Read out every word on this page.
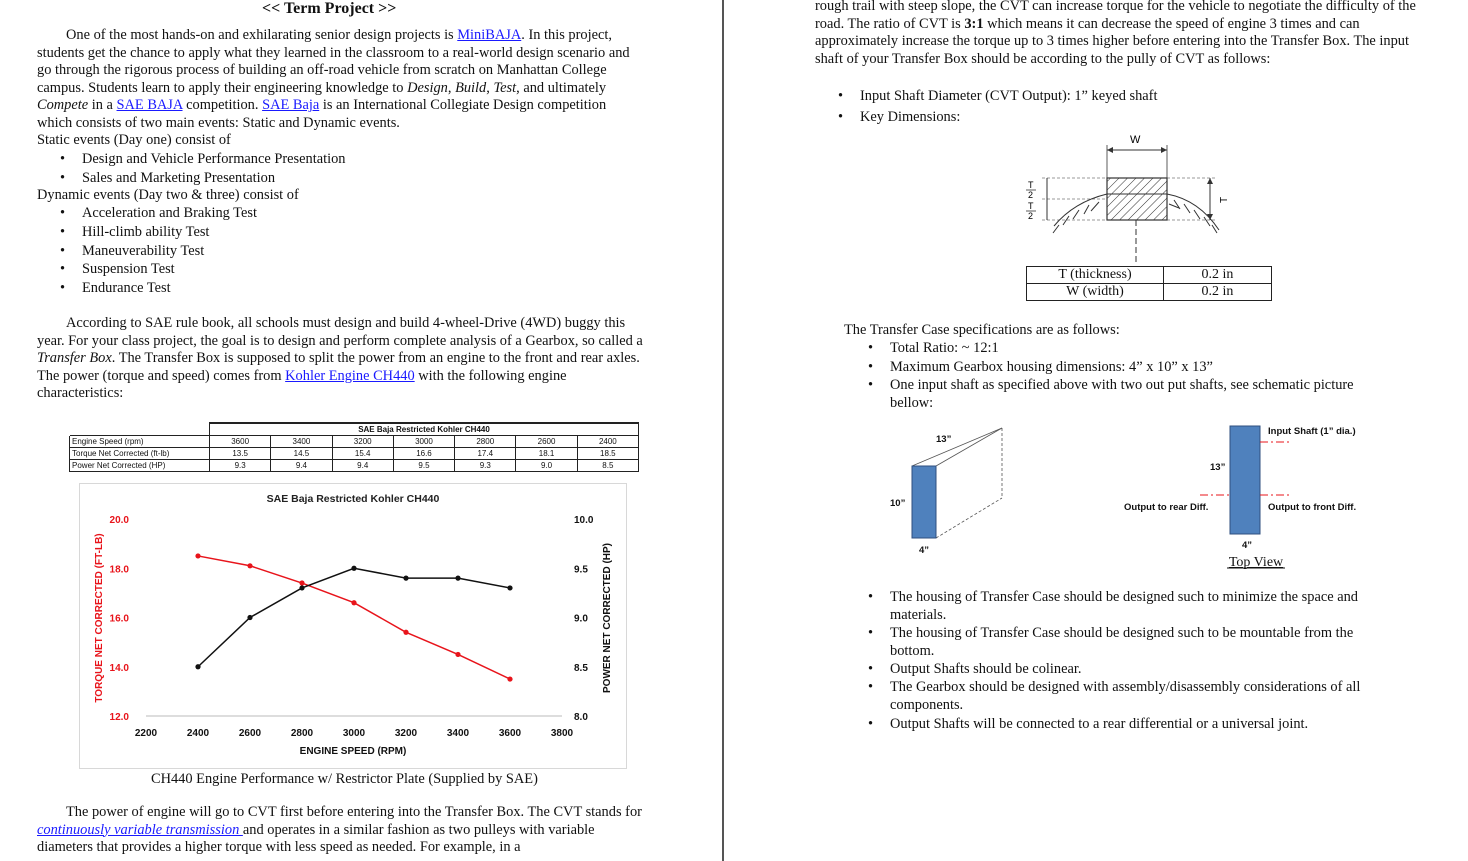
<< Term Project >>
One of the most hands-on and exhilarating senior design projects is MiniBAJA. In this project, students get the chance to apply what they learned in the classroom to a real-world design scenario and go through the rigorous process of building an off-road vehicle from scratch on Manhattan College campus. Students learn to apply their engineering knowledge to Design, Build, Test, and ultimately Compete in a SAE BAJA competition. SAE Baja is an International Collegiate Design competition which consists of two main events: Static and Dynamic events.
Static events (Day one) consist of
• Design and Vehicle Performance Presentation
• Sales and Marketing Presentation
Dynamic events (Day two & three) consist of
• Acceleration and Braking Test
• Hill-climb ability Test
• Maneuverability Test
• Suspension Test
• Endurance Test
According to SAE rule book, all schools must design and build 4-wheel-Drive (4WD) buggy this year. For your class project, the goal is to design and perform complete analysis of a Gearbox, so called a Transfer Box. The Transfer Box is supposed to split the power from an engine to the front and rear axles. The power (torque and speed) comes from Kohler Engine CH440 with the following engine characteristics:
	SAE Baja Restricted Kohler CH440						
Engine Speed (rpm)	3600	3400	3200	3000	2800	2600	2400
Torque Net Corrected (ft-lb)	13.5	14.5	15.4	16.6	17.4	18.1	18.5
Power Net Corrected (HP)	9.3	9.4	9.4	9.5	9.3	9.0	8.5
SAE Baja Restricted Kohler CH440
TORQUE NET CORRECTED (FT-LB)	POWER NET CORRECTED (HP)
ENGINE SPEED (RPM)
2200	2400	2600	2800	3000	3200	3400	3600	3800
12.0
14.0
16.0
18.0
20.0
8.0
8.5
9.0
9.5
10.0
CH440 Engine Performance w/ Restrictor Plate (Supplied by SAE)
The power of engine will go to CVT first before entering into the Transfer Box. The CVT stands for continuously variable transmission and operates in a similar fashion as two pulleys with variable diameters that provides a higher torque with less speed as needed. For example, in a
rough trail with steep slope, the CVT can increase torque for the vehicle to negotiate the difficulty of the road. The ratio of CVT is 3:1 which means it can decrease the speed of engine 3 times and can approximately increase the torque up to 3 times higher before entering into the Transfer Box. The input shaft of your Transfer Box should be according to the pully of CVT as follows:
• Input Shaft Diameter (CVT Output): 1” keyed shaft
• Key Dimensions:
W
T
2
T
2
T
T (thickness)	0.2 in
W (width)	0.2 in
The Transfer Case specifications are as follows:
• Total Ratio: ~ 12:1
• Maximum Gearbox housing dimensions: 4” x 10” x 13”
• One input shaft as specified above with two out put shafts, see schematic picture bellow:
13”
10”
4”
Input Shaft (1” dia.)
13”
Output to rear Diff.	Output to front Diff.
4”
Top View
• The housing of Transfer Case should be designed such to minimize the space and materials.
• The housing of Transfer Case should be designed such to be mountable from the bottom.
• Output Shafts should be colinear.
• The Gearbox should be designed with assembly/disassembly considerations of all components.
• Output Shafts will be connected to a rear differential or a universal joint.
